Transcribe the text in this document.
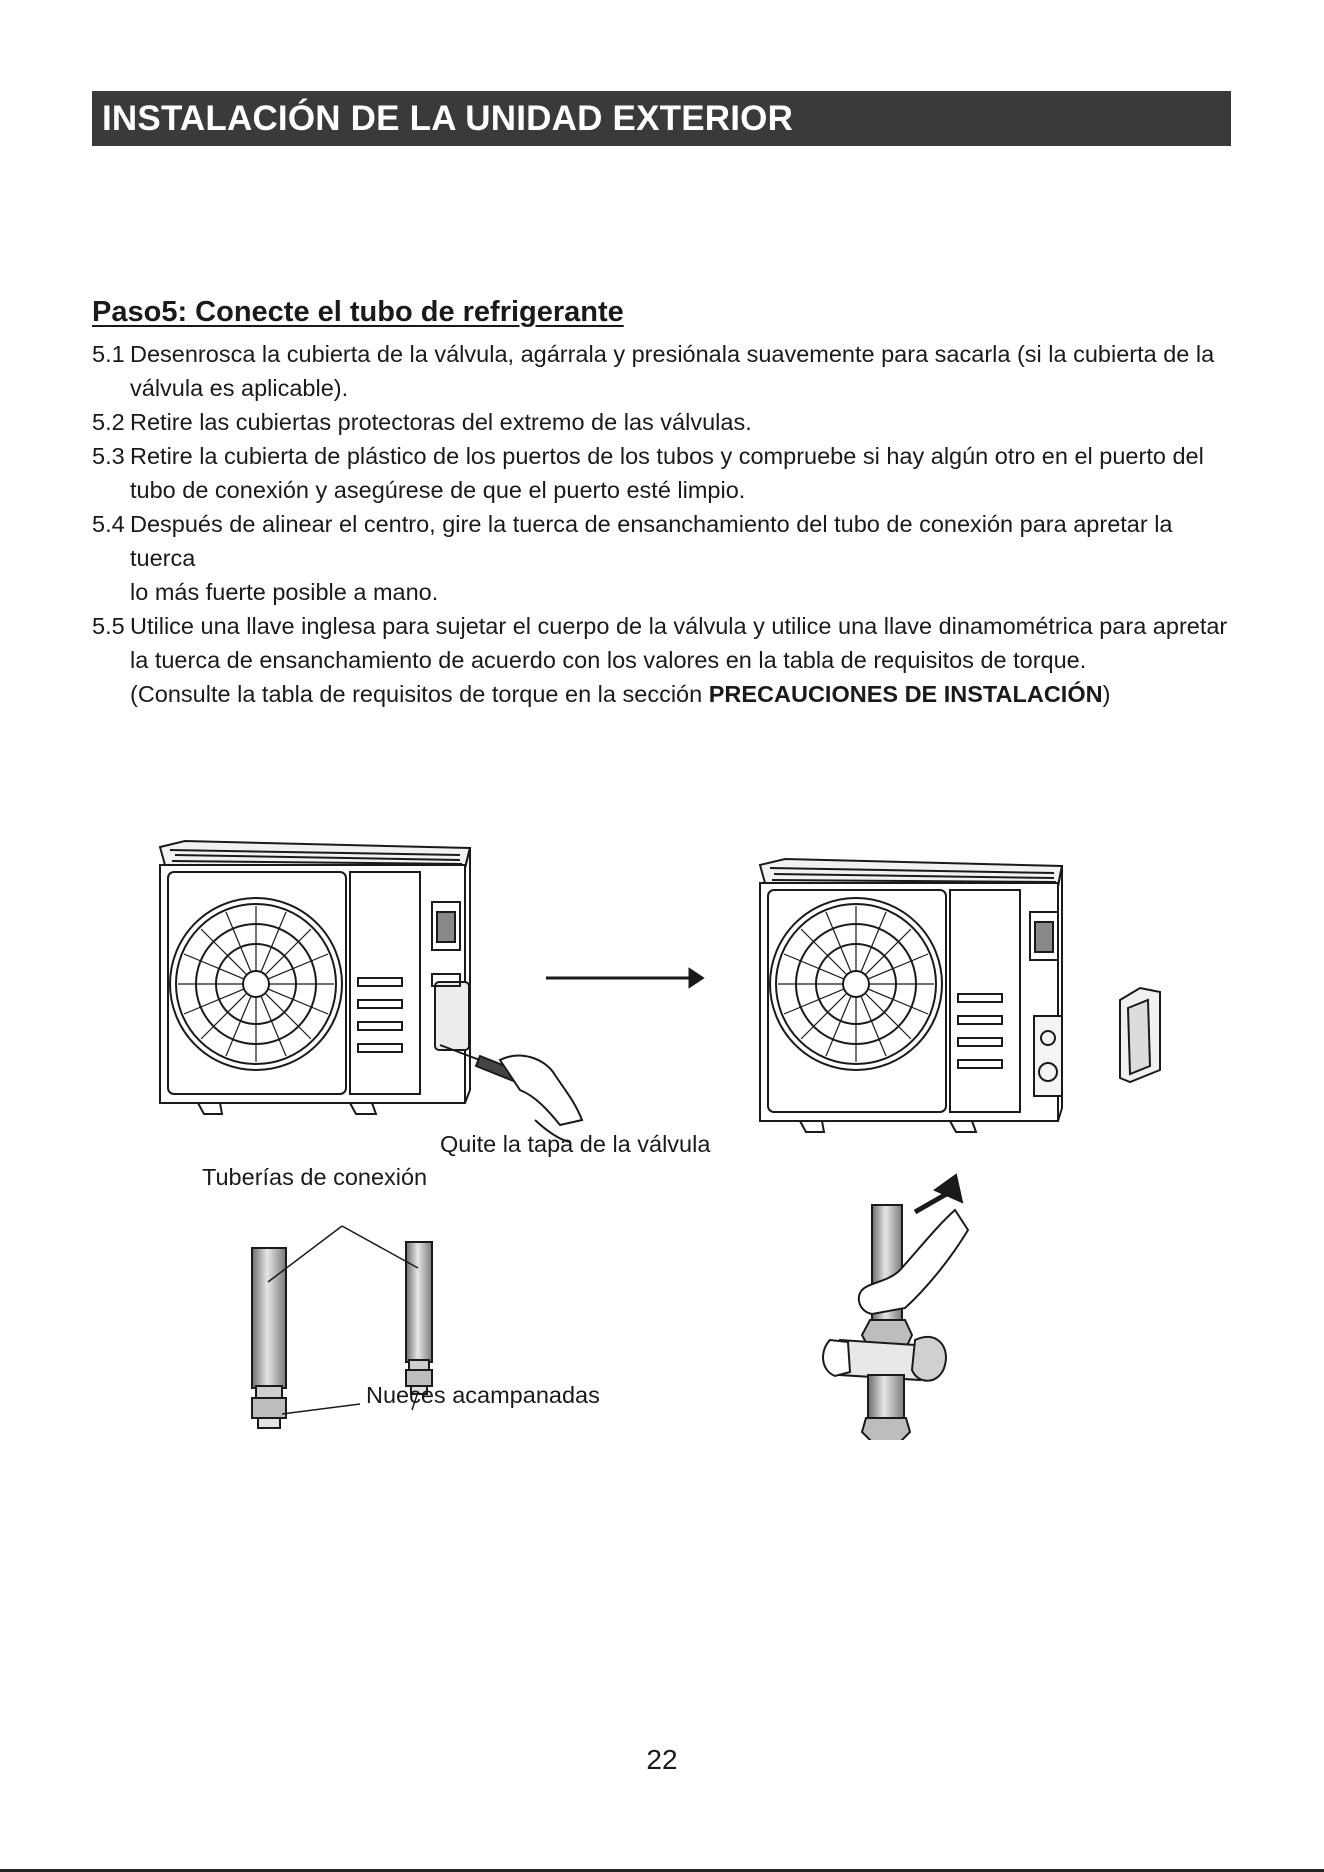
INSTALACIÓN DE LA UNIDAD EXTERIOR
Paso5: Conecte el tubo de refrigerante
5.1 Desenrosca la cubierta de la válvula, agárrala y presiónala suavemente para sacarla (si la cubierta de la
válvula es aplicable).
5.2 Retire las cubiertas protectoras del extremo de las válvulas.
5.3 Retire la cubierta de plástico de los puertos de los tubos y compruebe si hay algún otro en el puerto del
tubo de conexión y asegúrese de que el puerto esté limpio.
5.4 Después de alinear el centro, gire la tuerca de ensanchamiento del tubo de conexión para apretar la tuerca
lo más fuerte posible a mano.
5.5 Utilice una llave inglesa para sujetar el cuerpo de la válvula y utilice una llave dinamométrica para apretar
la tuerca de ensanchamiento de acuerdo con los valores en la tabla de requisitos de torque.
(Consulte la tabla de requisitos de torque en la sección PRECAUCIONES DE INSTALACIÓN)
Quite la tapa de la válvula
Tuberías de conexión
Nueces acampanadas
22
